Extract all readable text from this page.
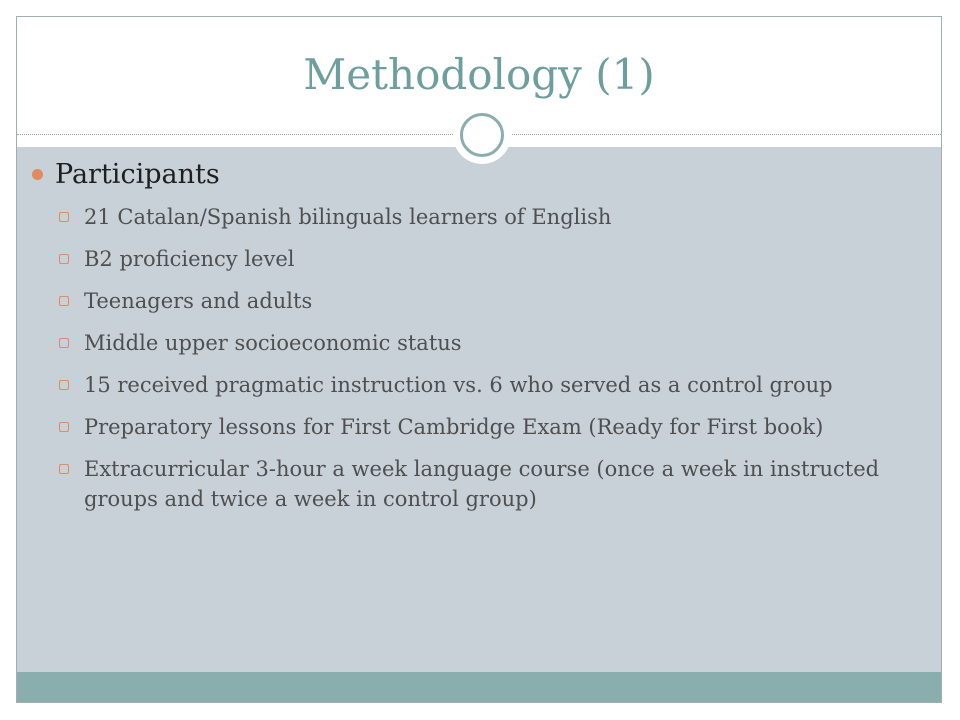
Methodology (1)
Participants
21 Catalan/Spanish bilinguals learners of English
B2 proficiency level
Teenagers and adults
Middle upper socioeconomic status
15 received pragmatic instruction vs. 6 who served as a control group
Preparatory lessons for First Cambridge Exam (Ready for First book)
Extracurricular 3-hour a week language course (once a week in instructed groups and twice a week in control group)
